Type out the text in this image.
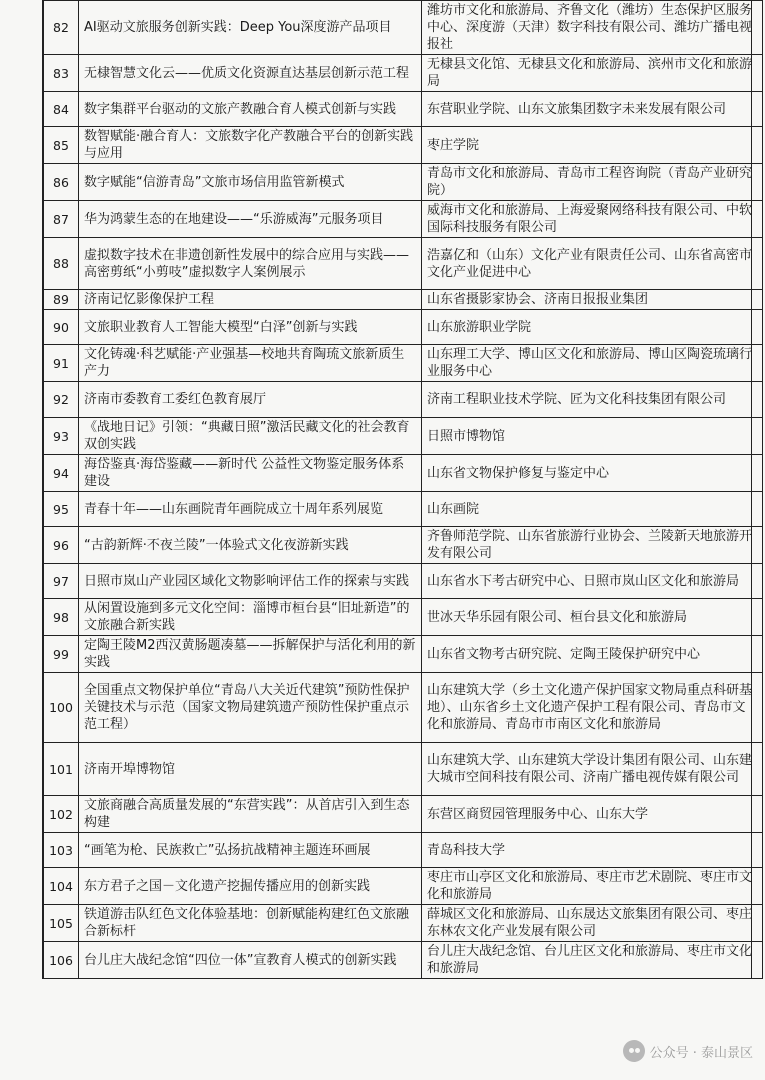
82	AI驱动文旅服务创新实践：Deep You深度游产品项目	潍坊市文化和旅游局、齐鲁文化（潍坊）生态保护区服务中心、深度游（天津）数字科技有限公司、潍坊广播电视报社
83	无棣智慧文化云——优质文化资源直达基层创新示范工程	无棣县文化馆、无棣县文化和旅游局、滨州市文化和旅游局
84	数字集群平台驱动的文旅产教融合育人模式创新与实践	东营职业学院、山东文旅集团数字未来发展有限公司
85	数智赋能·融合育人：文旅数字化产教融合平台的创新实践与应用	枣庄学院
86	数字赋能“信游青岛”文旅市场信用监管新模式	青岛市文化和旅游局、青岛市工程咨询院（青岛产业研究院）
87	华为鸿蒙生态的在地建设——“乐游威海”元服务项目	威海市文化和旅游局、上海爱聚网络科技有限公司、中软国际科技服务有限公司
88	虚拟数字技术在非遗创新性发展中的综合应用与实践——高密剪纸“小剪吱”虚拟数字人案例展示	浩嘉亿和（山东）文化产业有限责任公司、山东省高密市文化产业促进中心
89	济南记忆影像保护工程	山东省摄影家协会、济南日报报业集团
90	文旅职业教育人工智能大模型“白泽”创新与实践	山东旅游职业学院
91	文化铸魂·科艺赋能·产业强基—校地共育陶琉文旅新质生产力	山东理工大学、博山区文化和旅游局、博山区陶瓷琉璃行业服务中心
92	济南市委教育工委红色教育展厅	济南工程职业技术学院、匠为文化科技集团有限公司
93	《战地日记》引领：“典藏日照”激活民藏文化的社会教育双创实践	日照市博物馆
94	海岱鉴真·海岱鉴藏——新时代 公益性文物鉴定服务体系建设	山东省文物保护修复与鉴定中心
95	青春十年——山东画院青年画院成立十周年系列展览	山东画院
96	“古韵新辉·不夜兰陵”一体验式文化夜游新实践	齐鲁师范学院、山东省旅游行业协会、兰陵新天地旅游开发有限公司
97	日照市岚山产业园区域化文物影响评估工作的探索与实践	山东省水下考古研究中心、日照市岚山区文化和旅游局
98	从闲置设施到多元文化空间：淄博市桓台县“旧址新造”的文旅融合新实践	世冰天华乐园有限公司、桓台县文化和旅游局
99	定陶王陵M2西汉黄肠题凑墓——拆解保护与活化利用的新实践	山东省文物考古研究院、定陶王陵保护研究中心
100	全国重点文物保护单位“青岛八大关近代建筑”预防性保护关键技术与示范（国家文物局建筑遗产预防性保护重点示范工程）	山东建筑大学（乡土文化遗产保护国家文物局重点科研基地）、山东省乡土文化遗产保护工程有限公司、青岛市文化和旅游局、青岛市市南区文化和旅游局
101	济南开埠博物馆	山东建筑大学、山东建筑大学设计集团有限公司、山东建大城市空间科技有限公司、济南广播电视传媒有限公司
102	文旅商融合高质量发展的“东营实践”：从首店引入到生态构建	东营区商贸园管理服务中心、山东大学
103	“画笔为枪、民族救亡”弘扬抗战精神主题连环画展	青岛科技大学
104	东方君子之国－文化遗产挖掘传播应用的创新实践	枣庄市山亭区文化和旅游局、枣庄市艺术剧院、枣庄市文化和旅游局
105	铁道游击队红色文化体验基地：创新赋能构建红色文旅融合新标杆	薛城区文化和旅游局、山东晟达文旅集团有限公司、枣庄东林农文化产业发展有限公司
106	台儿庄大战纪念馆“四位一体”宣教育人模式的创新实践	台儿庄大战纪念馆、台儿庄区文化和旅游局、枣庄市文化和旅游局
公众号 · 泰山景区
